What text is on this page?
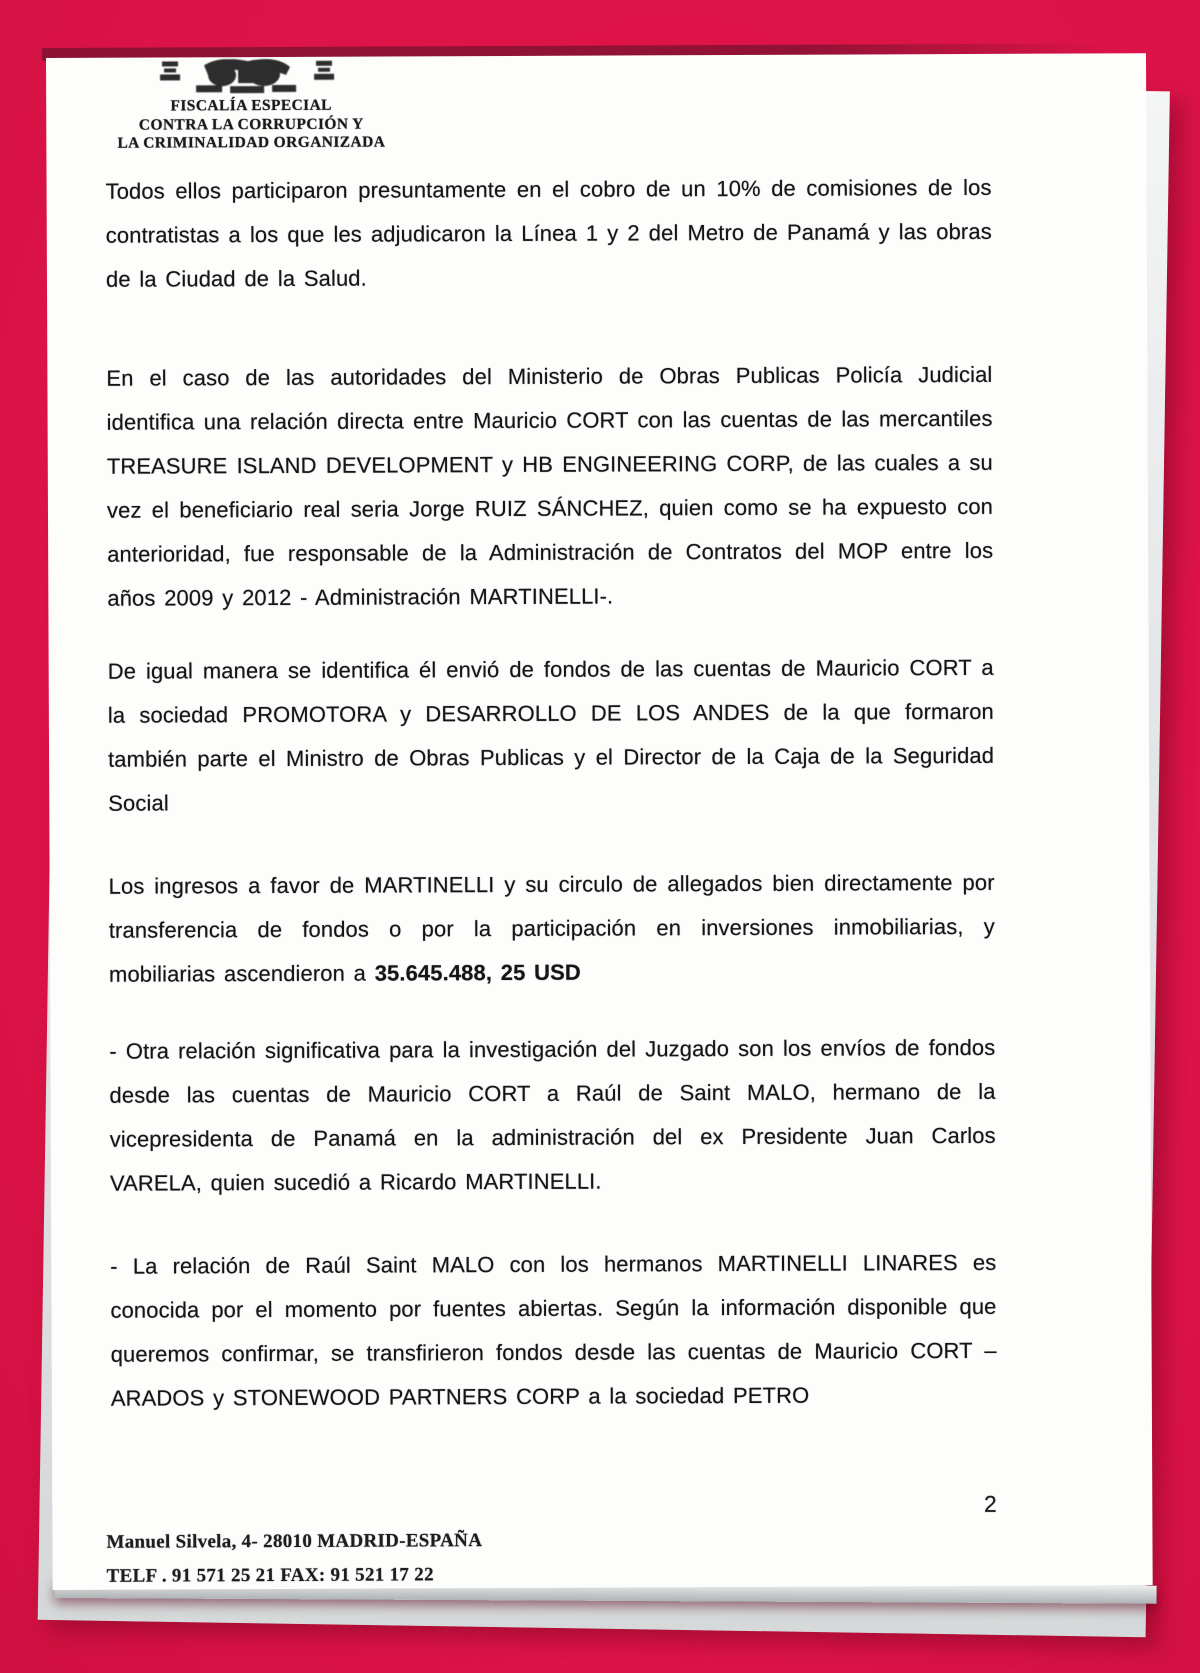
FISCALÍA ESPECIAL
CONTRA LA CORRUPCIÓN Y
LA CRIMINALIDAD ORGANIZADA

Todos ellos participaron presuntamente en el cobro de un 10% de comisiones de los contratistas a los que les adjudicaron la Línea 1 y 2 del Metro de Panamá y las obras de la Ciudad de la Salud.

En el caso de las autoridades del Ministerio de Obras Publicas Policía Judicial identifica una relación directa entre Mauricio CORT con las cuentas de las mercantiles TREASURE ISLAND DEVELOPMENT y HB ENGINEERING CORP, de las cuales a su vez el beneficiario real seria Jorge RUIZ SÁNCHEZ, quien como se ha expuesto con anterioridad, fue responsable de la Administración de Contratos del MOP entre los años 2009 y 2012 - Administración MARTINELLI-.

De igual manera se identifica él envió de fondos de las cuentas de Mauricio CORT a la sociedad PROMOTORA y DESARROLLO DE LOS ANDES de la que formaron también parte el Ministro de Obras Publicas y el Director de la Caja de la Seguridad Social

Los ingresos a favor de MARTINELLI y su circulo de allegados bien directamente por transferencia de fondos o por la participación en inversiones inmobiliarias, y mobiliarias ascendieron a 35.645.488, 25 USD

- Otra relación significativa para la investigación del Juzgado son los envíos de fondos desde las cuentas de Mauricio CORT a Raúl de Saint MALO, hermano de la vicepresidenta de Panamá en la administración del ex Presidente Juan Carlos VARELA, quien sucedió a Ricardo MARTINELLI.

- La relación de Raúl Saint MALO con los hermanos MARTINELLI LINARES es conocida por el momento por fuentes abiertas. Según la información disponible que queremos confirmar, se transfirieron fondos desde las cuentas de Mauricio CORT – ARADOS y STONEWOOD PARTNERS CORP a la sociedad PETRO

2
Manuel Silvela, 4- 28010 MADRID-ESPAÑA
TELF . 91 571 25 21 FAX: 91 521 17 22
